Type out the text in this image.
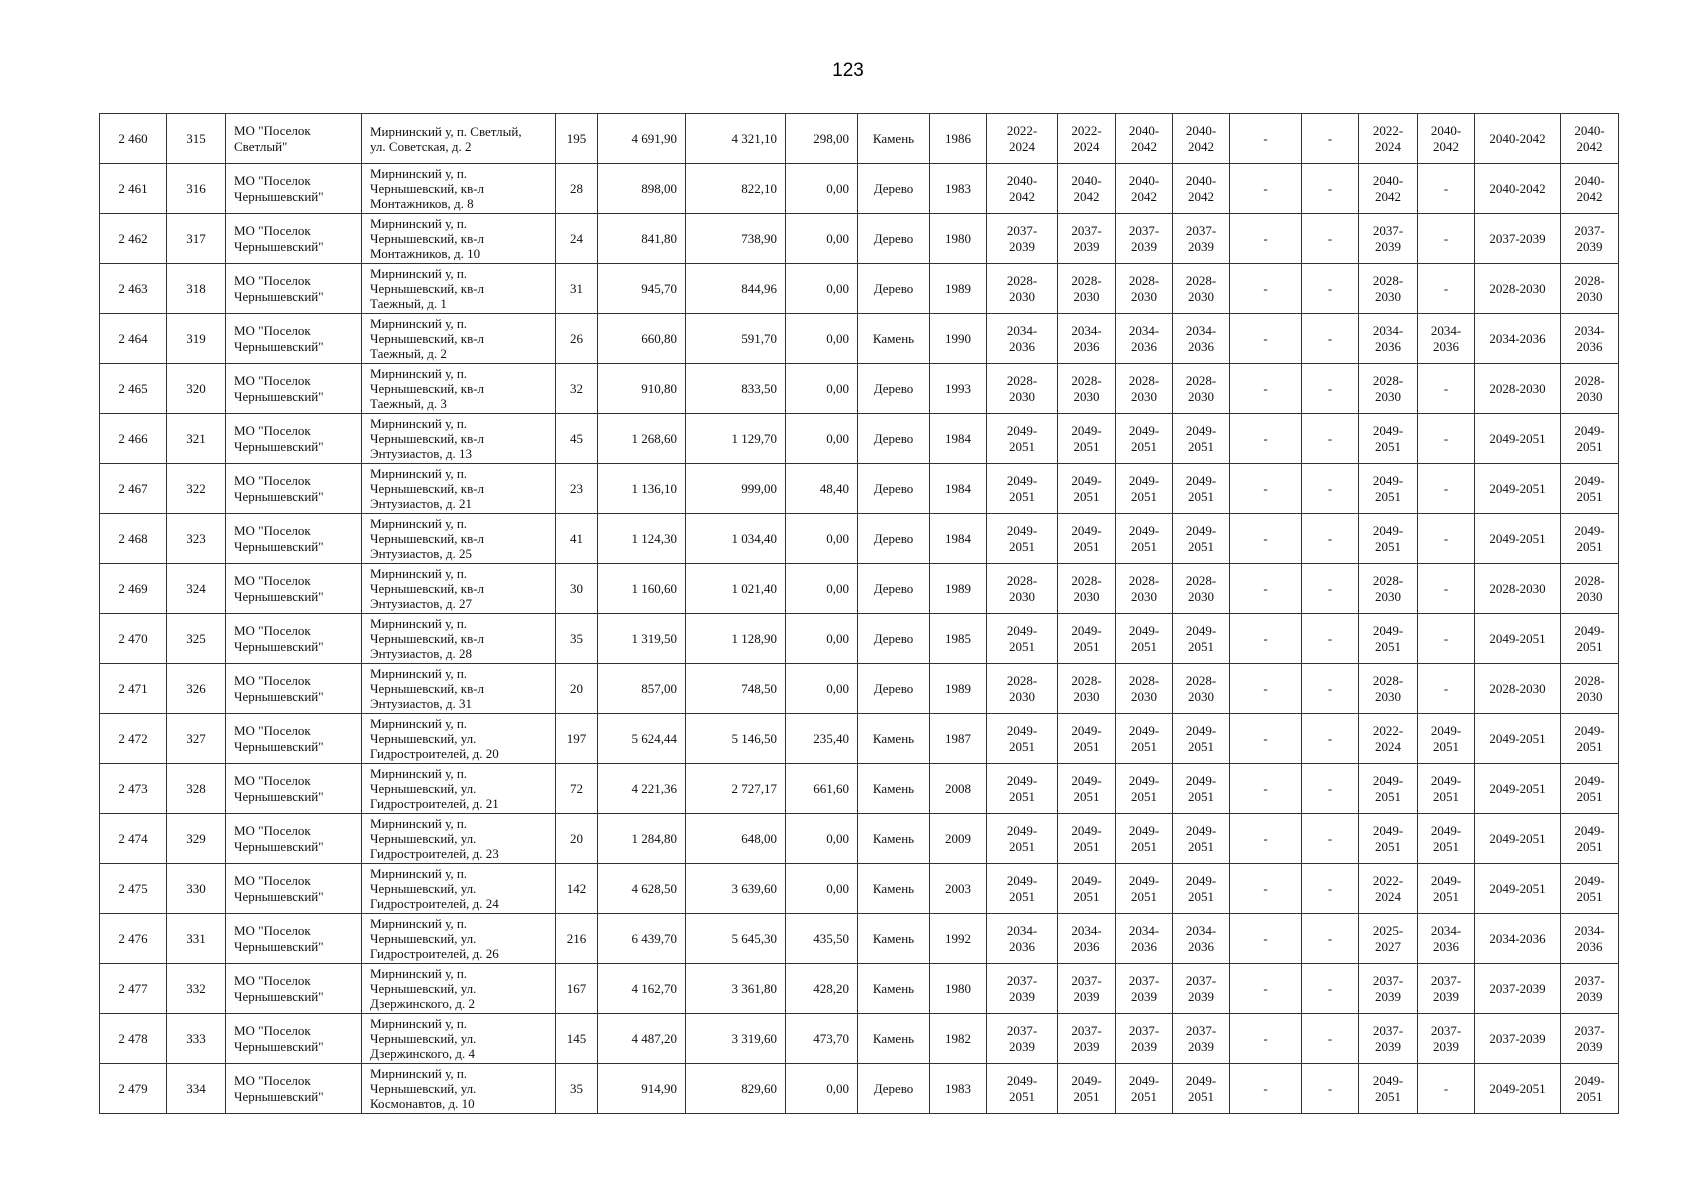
123
2 460	315	МО "Поселок
Светлый"	Мирнинский у, п. Светлый,
ул. Советская, д. 2	195	4 691,90	4 321,10	298,00	Камень	1986	2022-
2024	2022-
2024	2040-
2042	2040-
2042	-	-	2022-
2024	2040-
2042	2040-2042	2040-
2042

2 461	316	МО "Поселок
Чернышевский"	Мирнинский у, п.
Чернышевский, кв-л
Монтажников, д. 8	28	898,00	822,10	0,00	Дерево	1983	2040-
2042	2040-
2042	2040-
2042	2040-
2042	-	-	2040-
2042	-	2040-2042	2040-
2042

2 462	317	МО "Поселок
Чернышевский"	Мирнинский у, п.
Чернышевский, кв-л
Монтажников, д. 10	24	841,80	738,90	0,00	Дерево	1980	2037-
2039	2037-
2039	2037-
2039	2037-
2039	-	-	2037-
2039	-	2037-2039	2037-
2039

2 463	318	МО "Поселок
Чернышевский"	Мирнинский у, п.
Чернышевский, кв-л
Таежный, д. 1	31	945,70	844,96	0,00	Дерево	1989	2028-
2030	2028-
2030	2028-
2030	2028-
2030	-	-	2028-
2030	-	2028-2030	2028-
2030

2 464	319	МО "Поселок
Чернышевский"	Мирнинский у, п.
Чернышевский, кв-л
Таежный, д. 2	26	660,80	591,70	0,00	Камень	1990	2034-
2036	2034-
2036	2034-
2036	2034-
2036	-	-	2034-
2036	2034-
2036	2034-2036	2034-
2036

2 465	320	МО "Поселок
Чернышевский"	Мирнинский у, п.
Чернышевский, кв-л
Таежный, д. 3	32	910,80	833,50	0,00	Дерево	1993	2028-
2030	2028-
2030	2028-
2030	2028-
2030	-	-	2028-
2030	-	2028-2030	2028-
2030

2 466	321	МО "Поселок
Чернышевский"	Мирнинский у, п.
Чернышевский, кв-л
Энтузиастов, д. 13	45	1 268,60	1 129,70	0,00	Дерево	1984	2049-
2051	2049-
2051	2049-
2051	2049-
2051	-	-	2049-
2051	-	2049-2051	2049-
2051

2 467	322	МО "Поселок
Чернышевский"	Мирнинский у, п.
Чернышевский, кв-л
Энтузиастов, д. 21	23	1 136,10	999,00	48,40	Дерево	1984	2049-
2051	2049-
2051	2049-
2051	2049-
2051	-	-	2049-
2051	-	2049-2051	2049-
2051

2 468	323	МО "Поселок
Чернышевский"	Мирнинский у, п.
Чернышевский, кв-л
Энтузиастов, д. 25	41	1 124,30	1 034,40	0,00	Дерево	1984	2049-
2051	2049-
2051	2049-
2051	2049-
2051	-	-	2049-
2051	-	2049-2051	2049-
2051

2 469	324	МО "Поселок
Чернышевский"	Мирнинский у, п.
Чернышевский, кв-л
Энтузиастов, д. 27	30	1 160,60	1 021,40	0,00	Дерево	1989	2028-
2030	2028-
2030	2028-
2030	2028-
2030	-	-	2028-
2030	-	2028-2030	2028-
2030

2 470	325	МО "Поселок
Чернышевский"	Мирнинский у, п.
Чернышевский, кв-л
Энтузиастов, д. 28	35	1 319,50	1 128,90	0,00	Дерево	1985	2049-
2051	2049-
2051	2049-
2051	2049-
2051	-	-	2049-
2051	-	2049-2051	2049-
2051

2 471	326	МО "Поселок
Чернышевский"	Мирнинский у, п.
Чернышевский, кв-л
Энтузиастов, д. 31	20	857,00	748,50	0,00	Дерево	1989	2028-
2030	2028-
2030	2028-
2030	2028-
2030	-	-	2028-
2030	-	2028-2030	2028-
2030

2 472	327	МО "Поселок
Чернышевский"	Мирнинский у, п.
Чернышевский, ул.
Гидростроителей, д. 20	197	5 624,44	5 146,50	235,40	Камень	1987	2049-
2051	2049-
2051	2049-
2051	2049-
2051	-	-	2022-
2024	2049-
2051	2049-2051	2049-
2051

2 473	328	МО "Поселок
Чернышевский"	Мирнинский у, п.
Чернышевский, ул.
Гидростроителей, д. 21	72	4 221,36	2 727,17	661,60	Камень	2008	2049-
2051	2049-
2051	2049-
2051	2049-
2051	-	-	2049-
2051	2049-
2051	2049-2051	2049-
2051

2 474	329	МО "Поселок
Чернышевский"	Мирнинский у, п.
Чернышевский, ул.
Гидростроителей, д. 23	20	1 284,80	648,00	0,00	Камень	2009	2049-
2051	2049-
2051	2049-
2051	2049-
2051	-	-	2049-
2051	2049-
2051	2049-2051	2049-
2051

2 475	330	МО "Поселок
Чернышевский"	Мирнинский у, п.
Чернышевский, ул.
Гидростроителей, д. 24	142	4 628,50	3 639,60	0,00	Камень	2003	2049-
2051	2049-
2051	2049-
2051	2049-
2051	-	-	2022-
2024	2049-
2051	2049-2051	2049-
2051

2 476	331	МО "Поселок
Чернышевский"	Мирнинский у, п.
Чернышевский, ул.
Гидростроителей, д. 26	216	6 439,70	5 645,30	435,50	Камень	1992	2034-
2036	2034-
2036	2034-
2036	2034-
2036	-	-	2025-
2027	2034-
2036	2034-2036	2034-
2036

2 477	332	МО "Поселок
Чернышевский"	Мирнинский у, п.
Чернышевский, ул.
Дзержинского, д. 2	167	4 162,70	3 361,80	428,20	Камень	1980	2037-
2039	2037-
2039	2037-
2039	2037-
2039	-	-	2037-
2039	2037-
2039	2037-2039	2037-
2039

2 478	333	МО "Поселок
Чернышевский"	Мирнинский у, п.
Чернышевский, ул.
Дзержинского, д. 4	145	4 487,20	3 319,60	473,70	Камень	1982	2037-
2039	2037-
2039	2037-
2039	2037-
2039	-	-	2037-
2039	2037-
2039	2037-2039	2037-
2039

2 479	334	МО "Поселок
Чернышевский"	Мирнинский у, п.
Чернышевский, ул.
Космонавтов, д. 10	35	914,90	829,60	0,00	Дерево	1983	2049-
2051	2049-
2051	2049-
2051	2049-
2051	-	-	2049-
2051	-	2049-2051	2049-
2051
